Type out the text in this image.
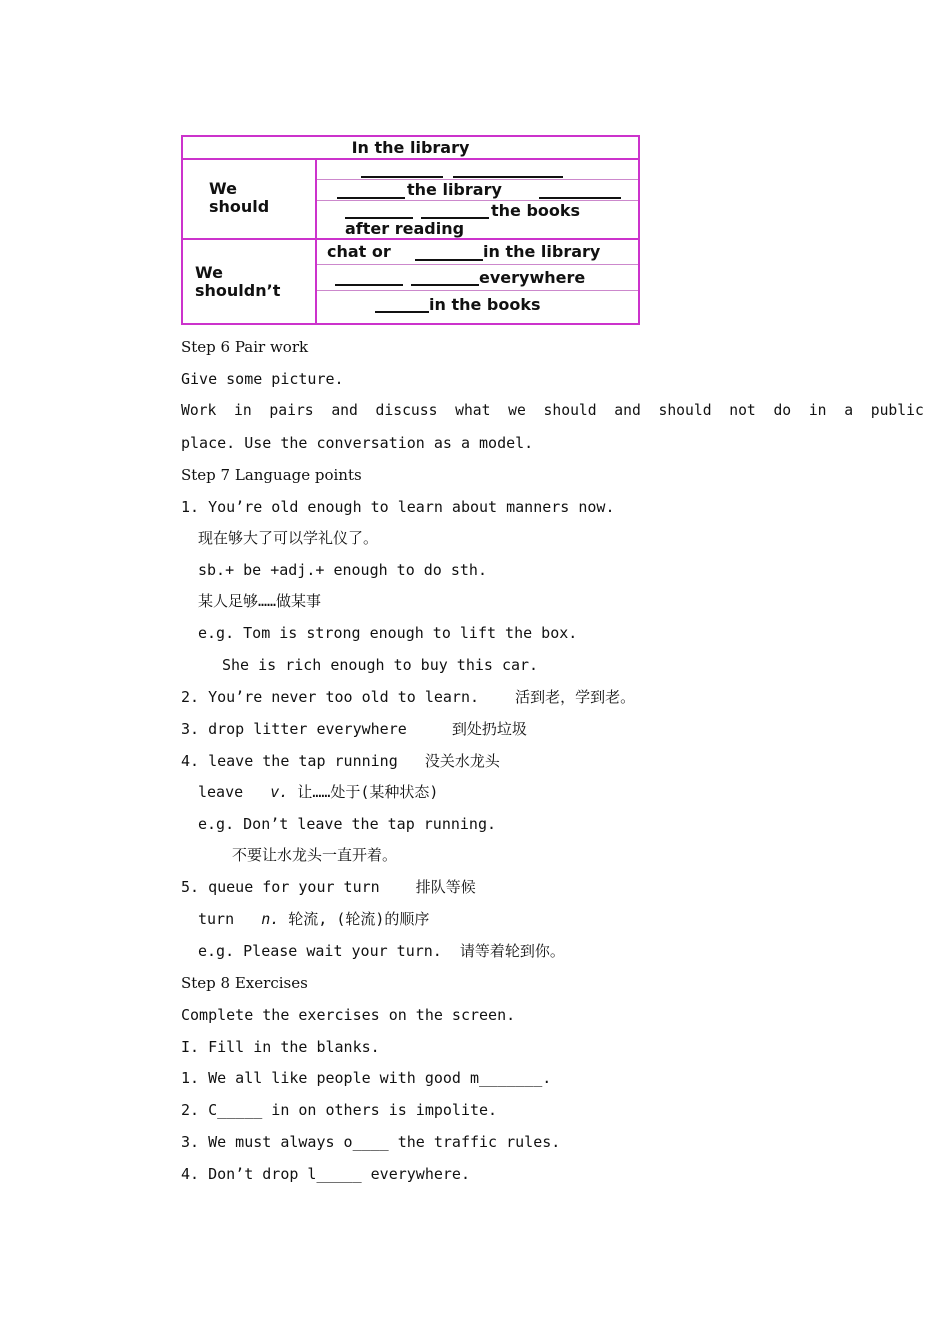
In the library
We
should
We
shouldn’t
the library
the books
after reading
chat or	in the library
everywhere
in the books
Step 6 Pair work
Give some picture.
Work  in  pairs  and  discuss  what  we  should  and  should  not  do  in  a  public
place. Use the conversation as a model.
Step 7 Language points
1. You’re old enough to learn about manners now.
现在够大了可以学礼仪了。
sb.+ be +adj.+ enough to do sth.
某人足够……做某事
e.g. Tom is strong enough to lift the box.
She is rich enough to buy this car.
2. You’re never too old to learn.    活到老，学到老。
3. drop litter everywhere     到处扔垃圾
4. leave the tap running   没关水龙头
leave   v. 让……处于(某种状态)
e.g. Don’t leave the tap running.
不要让水龙头一直开着。
5. queue for your turn    排队等候
turn   n. 轮流, (轮流)的顺序
e.g. Please wait your turn.  请等着轮到你。
Step 8 Exercises
Complete the exercises on the screen.
I. Fill in the blanks.
1. We all like people with good m_______.
2. C_____ in on others is impolite.
3. We must always o____ the traffic rules.
4. Don’t drop l_____ everywhere.
